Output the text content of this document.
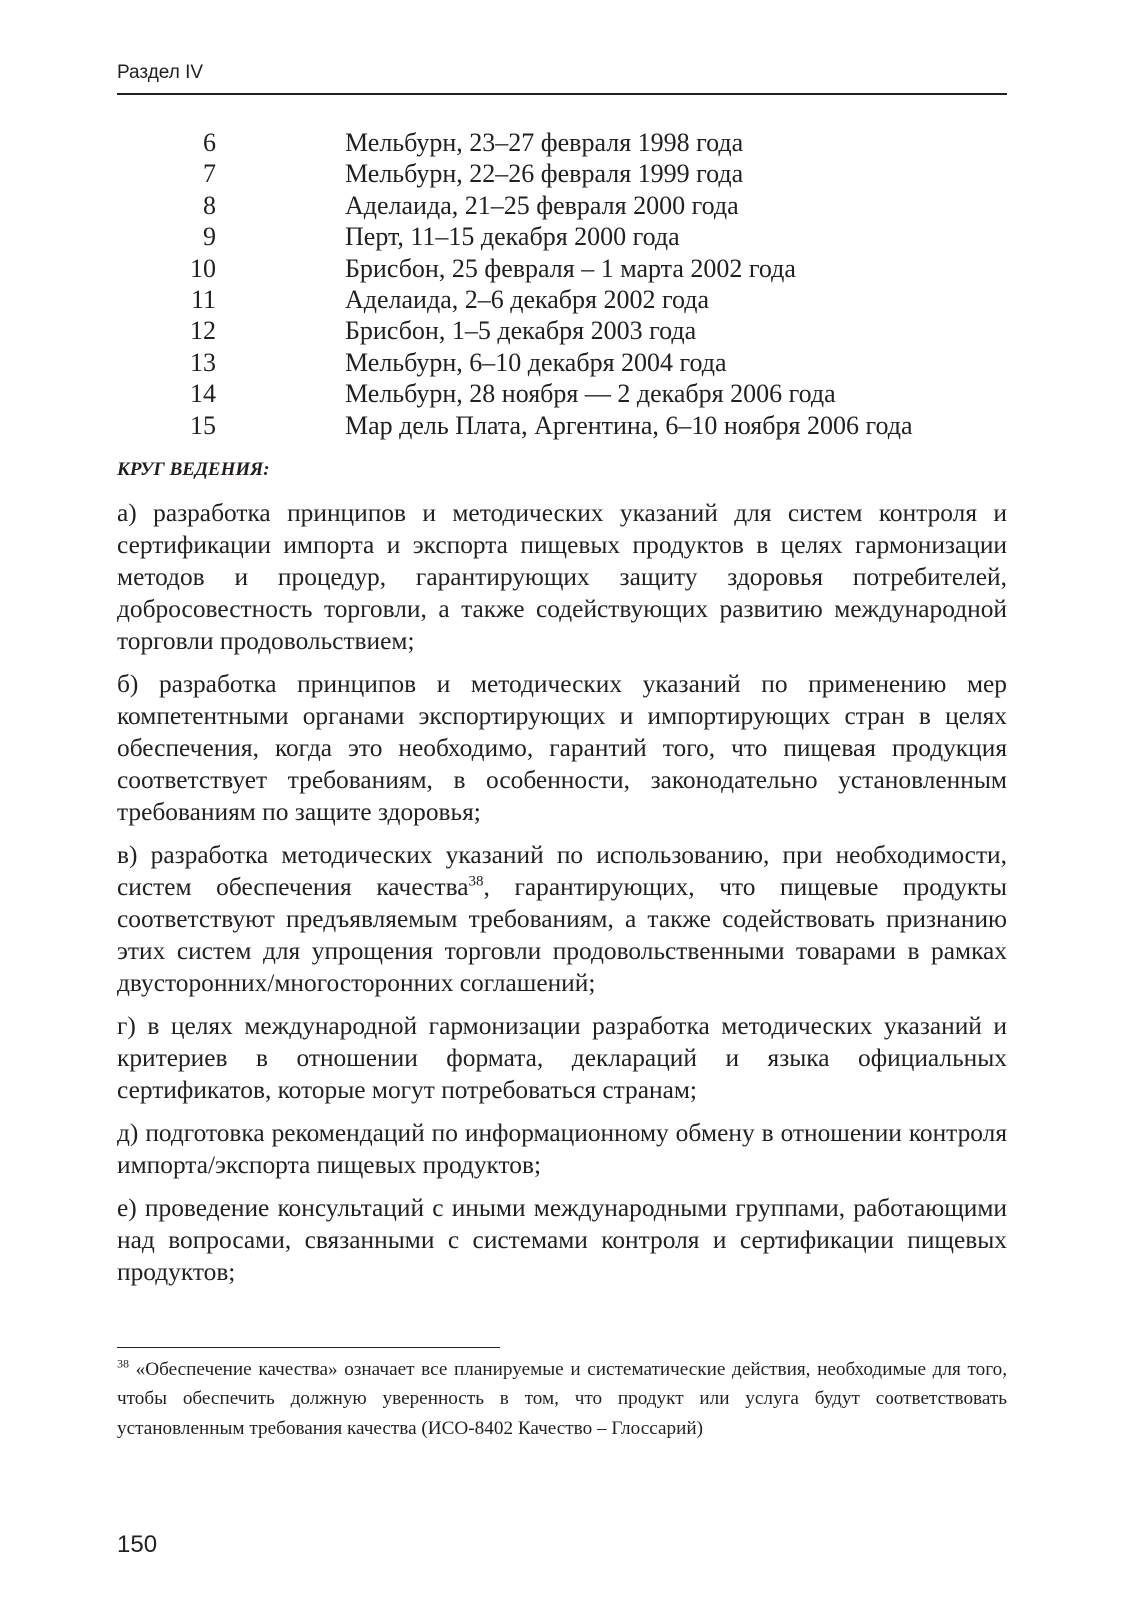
Раздел IV
6	Мельбурн, 23–27 февраля 1998 года
7	Мельбурн, 22–26 февраля 1999 года
8	Аделаида, 21–25 февраля 2000 года
9	Перт, 11–15 декабря 2000 года
10	Брисбон, 25 февраля – 1 марта 2002 года
11	Аделаида, 2–6 декабря 2002 года
12	Брисбон, 1–5 декабря 2003 года
13	Мельбурн, 6–10 декабря 2004 года
14	Мельбурн, 28 ноября — 2 декабря 2006 года
15	Мар дель Плата, Аргентина, 6–10 ноября 2006 года
КРУГ ВЕДЕНИЯ:

а) разработка принципов и методических указаний для систем контроля и сертификации импорта и экспорта пищевых продуктов в целях гармонизации методов и процедур, гарантирующих защиту здоровья потребителей, добросовестность торговли, а также содействующих развитию международной торговли продовольствием;

б) разработка принципов и методических указаний по применению мер компетентными органами экспортирующих и импортирующих стран в целях обеспечения, когда это необходимо, гарантий того, что пищевая продукция соответствует требованиям, в особенности, законодательно установленным требованиям по защите здоровья;

в) разработка методических указаний по использованию, при необходимости, систем обеспечения качества$^{38}$, гарантирующих, что пищевые продукты соответствуют предъявляемым требованиям, а также содействовать признанию этих систем для упрощения торговли продовольственными товарами в рамках двусторонних/многосторонних соглашений;

г) в целях международной гармонизации разработка методических указаний и критериев в отношении формата, деклараций и языка официальных сертификатов, которые могут потребоваться странам;

д) подготовка рекомендаций по информационному обмену в отношении контроля импорта/экспорта пищевых продуктов;

е) проведение консультаций с иными международными группами, работающими над вопросами, связанными с системами контроля и сертификации пищевых продуктов;

$^{38}$ «Обеспечение качества» означает все планируемые и систематические действия, необходимые для того, чтобы обеспечить должную уверенность в том, что продукт или услуга будут соответствовать установленным требования качества (ИСО-8402 Качество – Глоссарий)
150
